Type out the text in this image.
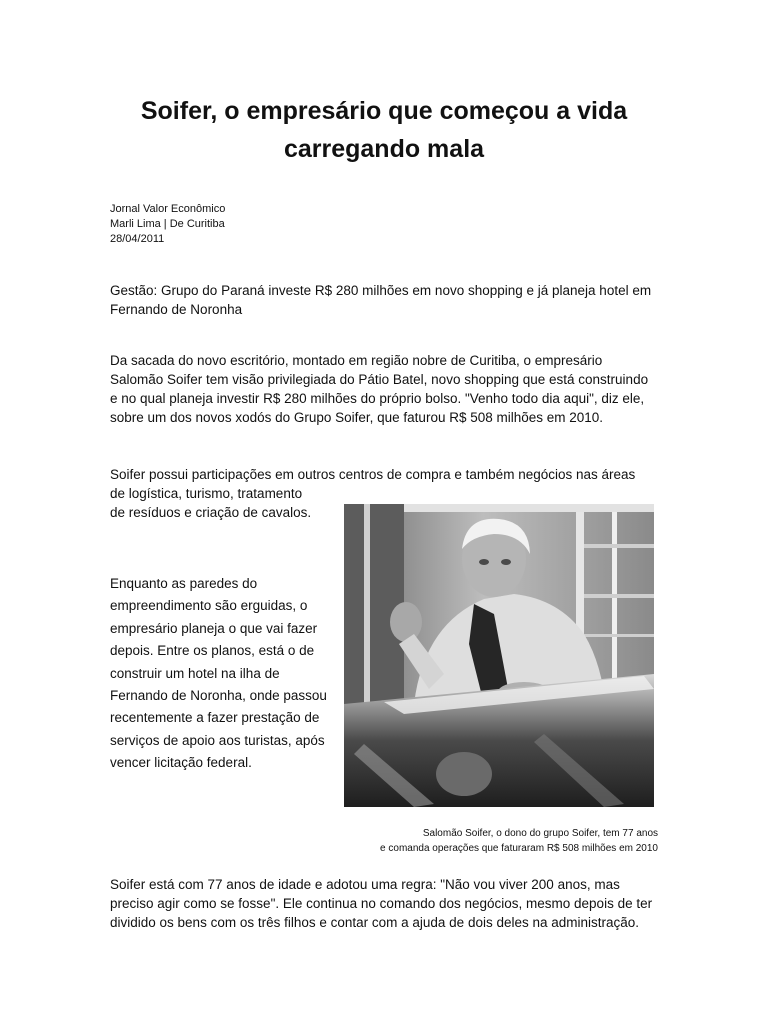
Soifer, o empresário que começou a vida
carregando mala
Jornal Valor Econômico
Marli Lima | De Curitiba
28/04/2011
Gestão: Grupo do Paraná investe R$ 280 milhões em novo shopping e já planeja hotel em Fernando de Noronha
Da sacada do novo escritório, montado em região nobre de Curitiba, o empresário Salomão Soifer tem visão privilegiada do Pátio Batel, novo shopping que está construindo e no qual planeja investir R$ 280 milhões do próprio bolso. "Venho todo dia aqui", diz ele, sobre um dos novos xodós do Grupo Soifer, que faturou R$ 508 milhões em 2010.
Soifer possui participações em outros centros de compra e também negócios nas áreas
de logística, turismo, tratamento
de resíduos e criação de cavalos.
Enquanto as paredes do empreendimento são erguidas, o empresário planeja o que vai fazer depois. Entre os planos, está o de construir um hotel na ilha de Fernando de Noronha, onde passou recentemente a fazer prestação de serviços de apoio aos turistas, após vencer licitação federal.
Salomão Soifer, o dono do grupo Soifer, tem 77 anos
e comanda operações que faturaram R$ 508 milhões em 2010
Soifer está com 77 anos de idade e adotou uma regra: "Não vou viver 200 anos, mas preciso agir como se fosse". Ele continua no comando dos negócios, mesmo depois de ter dividido os bens com os três filhos e contar com a ajuda de dois deles na administração.
